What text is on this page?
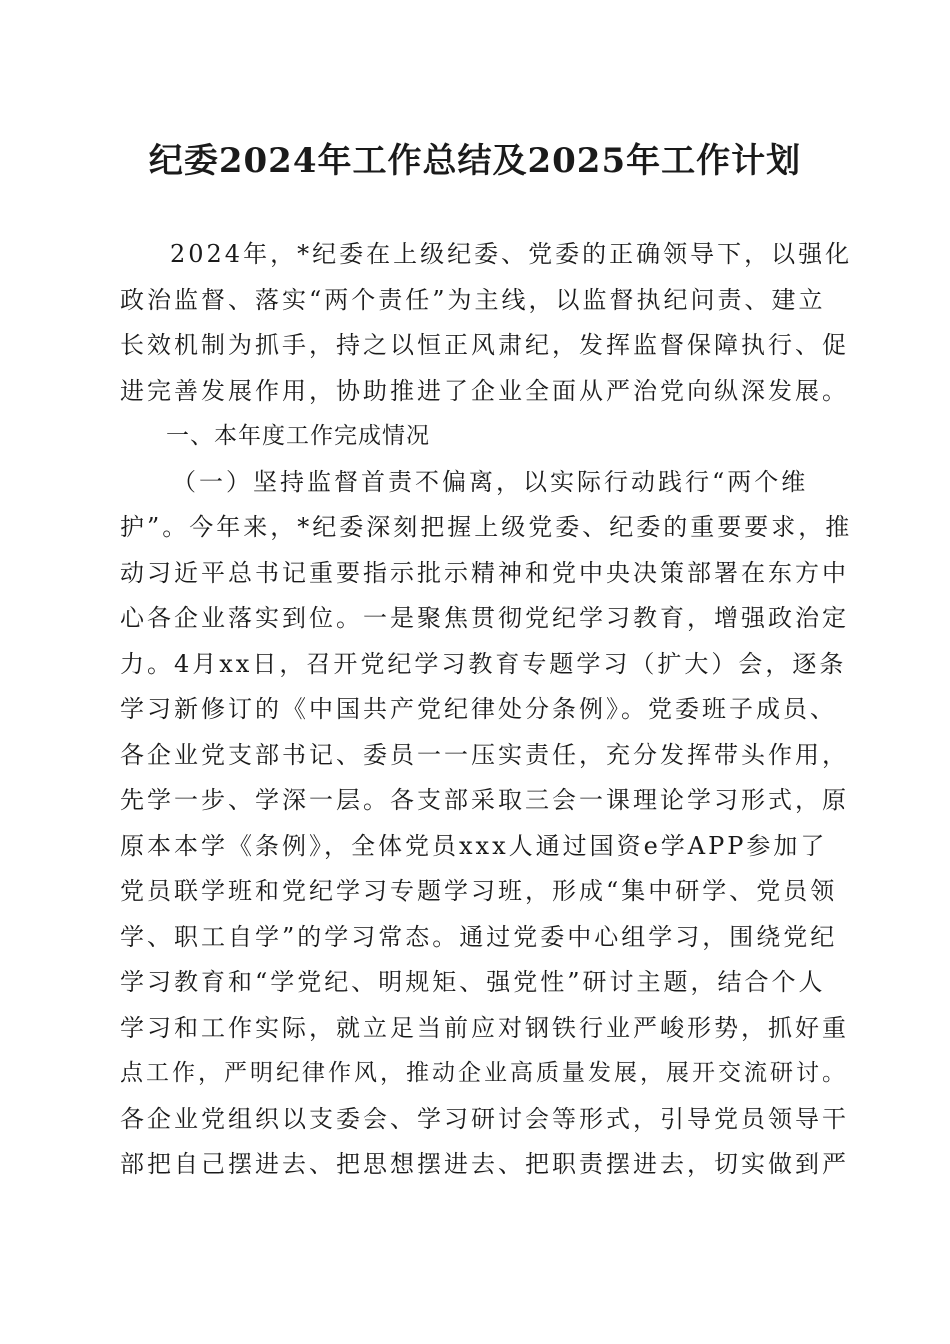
纪委2024年工作总结及2025年工作计划
2024年，*纪委在上级纪委、党委的正确领导下，以强化
政治监督、落实“两个责任”为主线，以监督执纪问责、建立
长效机制为抓手，持之以恒正风肃纪，发挥监督保障执行、促
进完善发展作用，协助推进了企业全面从严治党向纵深发展。
一、本年度工作完成情况
（一）坚持监督首责不偏离，以实际行动践行“两个维
护”。今年来，*纪委深刻把握上级党委、纪委的重要要求，推
动习近平总书记重要指示批示精神和党中央决策部署在东方中
心各企业落实到位。一是聚焦贯彻党纪学习教育，增强政治定
力。4月xx日，召开党纪学习教育专题学习（扩大）会，逐条
学习新修订的《中国共产党纪律处分条例》。党委班子成员、
各企业党支部书记、委员一一压实责任，充分发挥带头作用，
先学一步、学深一层。各支部采取三会一课理论学习形式，原
原本本学《条例》，全体党员xxx人通过国资e学APP参加了
党员联学班和党纪学习专题学习班，形成“集中研学、党员领
学、职工自学”的学习常态。通过党委中心组学习，围绕党纪
学习教育和“学党纪、明规矩、强党性”研讨主题，结合个人
学习和工作实际，就立足当前应对钢铁行业严峻形势，抓好重
点工作，严明纪律作风，推动企业高质量发展，展开交流研讨。
各企业党组织以支委会、学习研讨会等形式，引导党员领导干
部把自己摆进去、把思想摆进去、把职责摆进去，切实做到严
